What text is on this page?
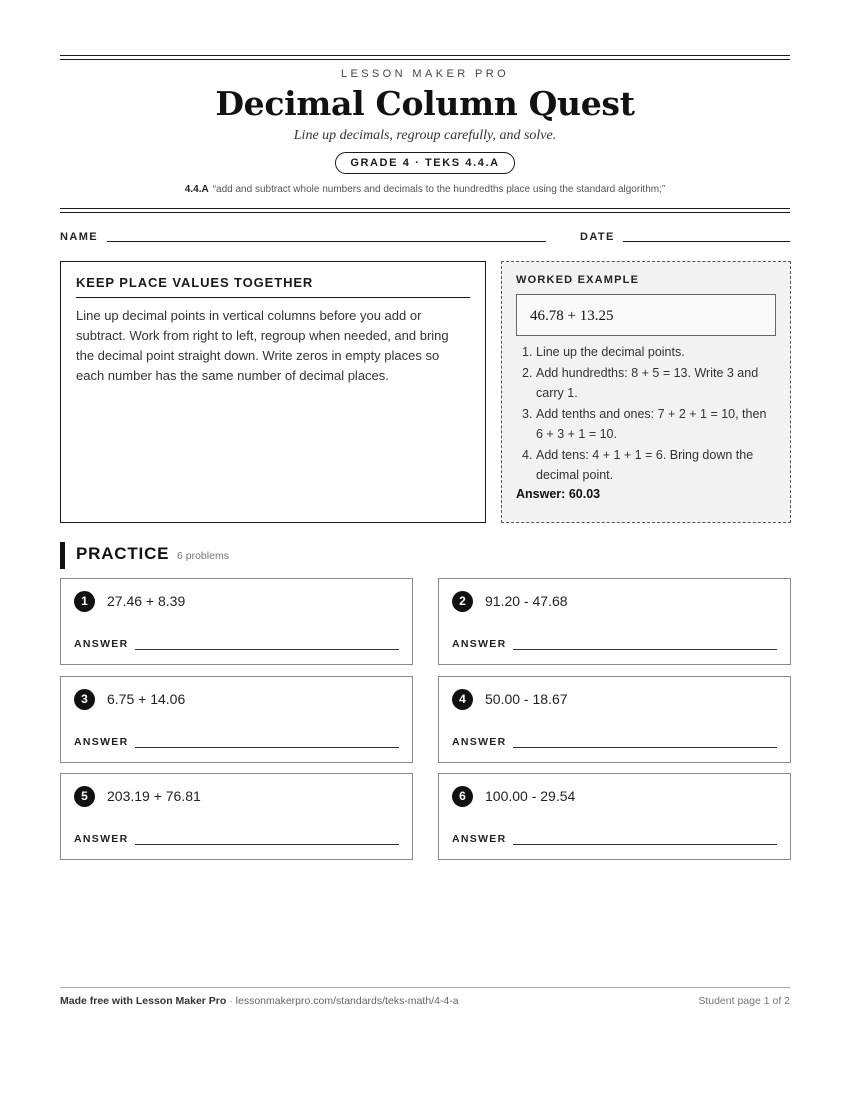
LESSON MAKER PRO
Decimal Column Quest
Line up decimals, regroup carefully, and solve.
GRADE 4 · TEKS 4.4.A
4.4.A “add and subtract whole numbers and decimals to the hundredths place using the standard algorithm;”
NAME	DATE
KEEP PLACE VALUES TOGETHER

Line up decimal points in vertical columns before you add or subtract. Work from right to left, regroup when needed, and bring the decimal point straight down. Write zeros in empty places so each number has the same number of decimal places.

WORKED EXAMPLE
46.78 + 13.25
1. Line up the decimal points.
2. Add hundredths: 8 + 5 = 13. Write 3 and carry 1.
3. Add tenths and ones: 7 + 2 + 1 = 10, then 6 + 3 + 1 = 10.
4. Add tens: 4 + 1 + 1 = 6. Bring down the decimal point.
Answer: 60.03
PRACTICE 6 problems
1	27.46 + 8.39
ANSWER
2	91.20 - 47.68
ANSWER
3	6.75 + 14.06
ANSWER
4	50.00 - 18.67
ANSWER
5	203.19 + 76.81
ANSWER
6	100.00 - 29.54
ANSWER
Made free with Lesson Maker Pro · lessonmakerpro.com/standards/teks-math/4-4-a	Student page 1 of 2
